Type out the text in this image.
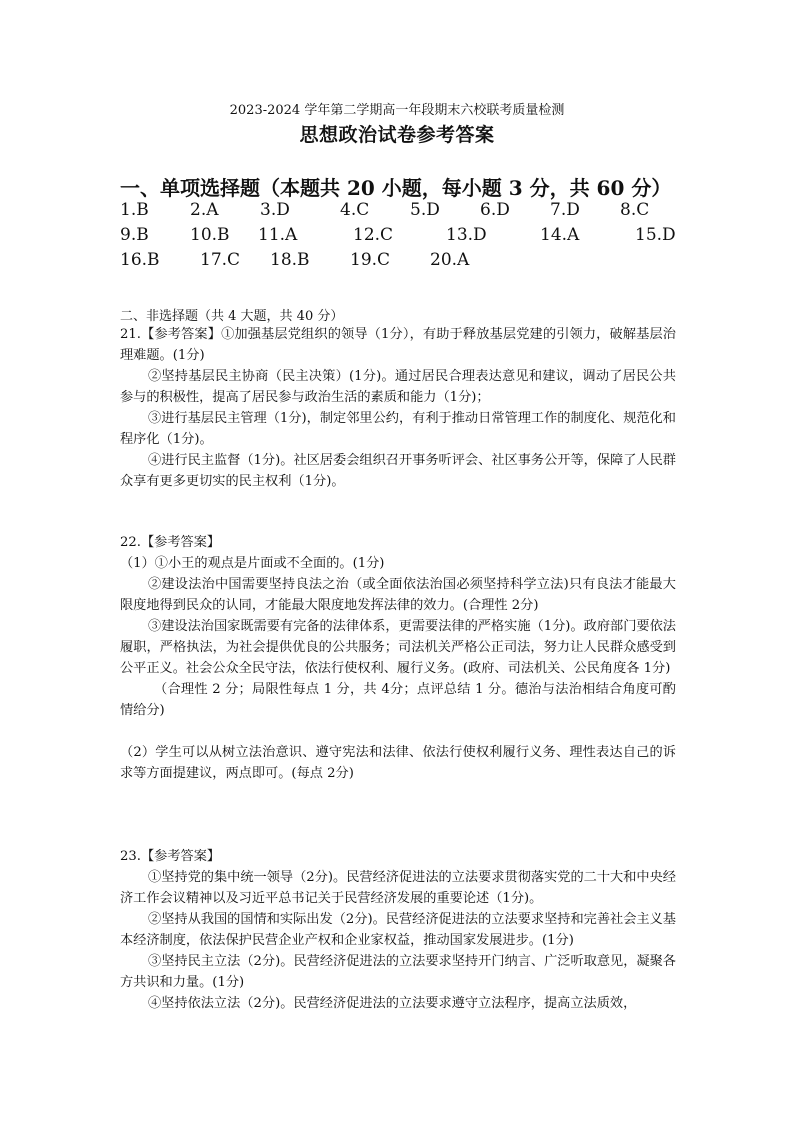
2023-2024 学年第二学期高一年段期末六校联考质量检测
思想政治试卷参考答案
一、单项选择题（本题共 20 小题，每小题 3 分，共 60 分）
1.B 2.A 3.D	4.C 5.D 6.D 7.D 8.C
9.B 10.B 11.A	12.C	13.D	14.A	15.D
16.B 17.C 18.B 19.C 20.A
二、非选择题（共 4 大题，共 40 分）

21.【参考答案】①加强基层党组织的领导（1分），有助于释放基层党建的引领力，破解基层治理难题。(1分)

②坚持基层民主协商（民主决策）(1分)。通过居民合理表达意见和建议，调动了居民公共参与的积极性，提高了居民参与政治生活的素质和能力（1分)；

③进行基层民主管理（1分)，制定邻里公约，有利于推动日常管理工作的制度化、规范化和程序化（1分)。

④进行民主监督（1分)。社区居委会组织召开事务听评会、社区事务公开等，保障了人民群众享有更多更切实的民主权利（1分)。

22.【参考答案】

（1）①小王的观点是片面或不全面的。(1分)

②建设法治中国需要坚持良法之治（或全面依法治国必须坚持科学立法)只有良法才能最大限度地得到民众的认同，才能最大限度地发挥法律的效力。(合理性 2分)

③建设法治国家既需要有完备的法律体系，更需要法律的严格实施（1分)。政府部门要依法履职，严格执法，为社会提供优良的公共服务；司法机关严格公正司法，努力让人民群众感受到公平正义。社会公众全民守法，依法行使权利、履行义务。(政府、司法机关、公民角度各 1分)

（合理性 2 分；局限性每点 1 分，共 4分；点评总结 1 分。德治与法治相结合角度可酌情给分)

（2）学生可以从树立法治意识、遵守宪法和法律、依法行使权利履行义务、理性表达自己的诉求等方面提建议，两点即可。(每点 2分)

23.【参考答案】

①坚持党的集中统一领导（2分)。民营经济促进法的立法要求贯彻落实党的二十大和中央经济工作会议精神以及习近平总书记关于民营经济发展的重要论述（1分)。

②坚持从我国的国情和实际出发（2分)。民营经济促进法的立法要求坚持和完善社会主义基本经济制度，依法保护民营企业产权和企业家权益，推动国家发展进步。(1分)

③坚持民主立法（2分)。民营经济促进法的立法要求坚持开门纳言、广泛听取意见，凝聚各方共识和力量。(1分)

④坚持依法立法（2分)。民营经济促进法的立法要求遵守立法程序，提高立法质效，
